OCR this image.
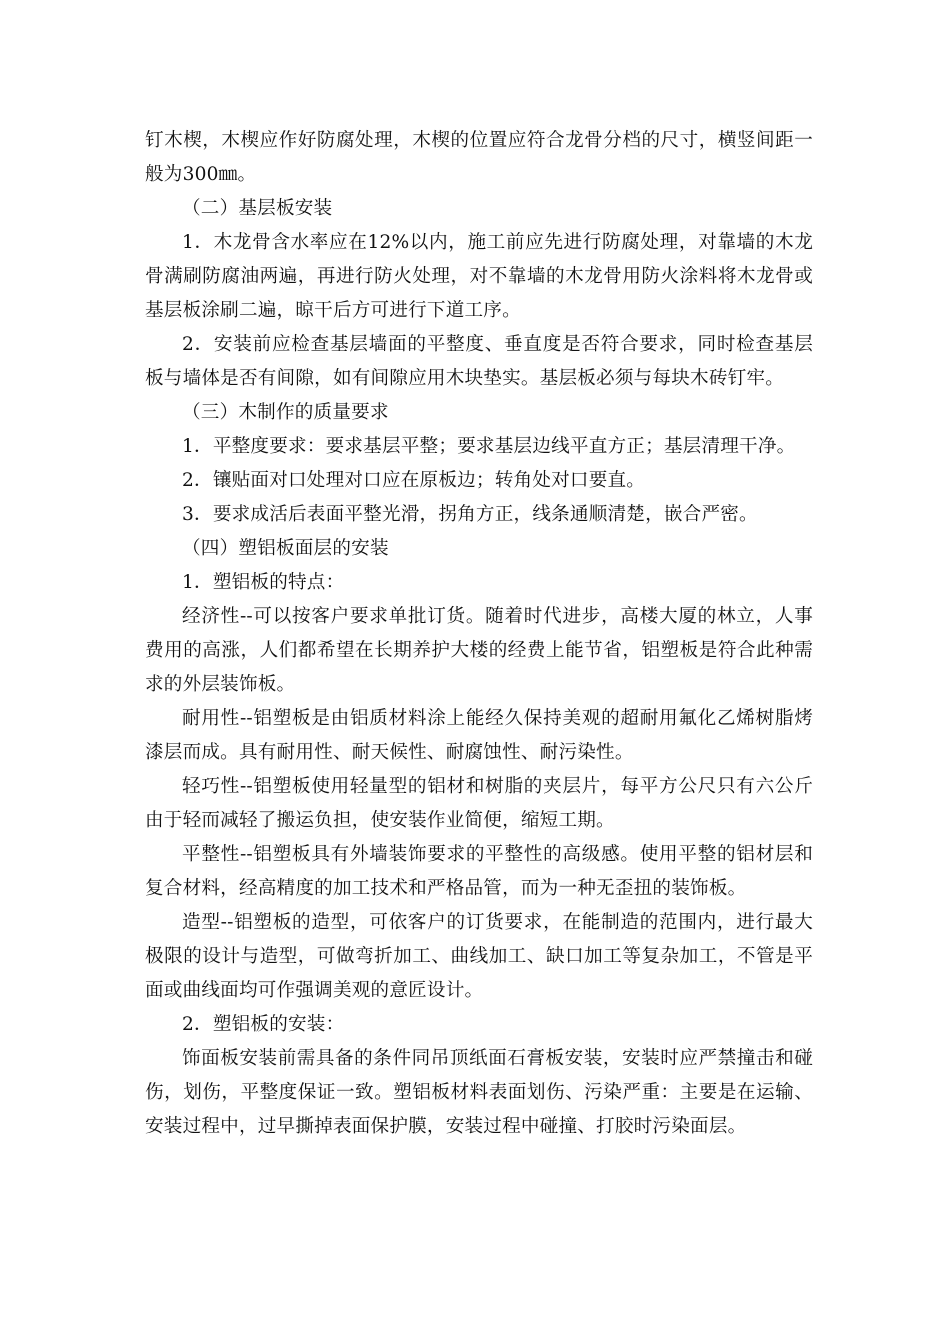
钉木楔，木楔应作好防腐处理，木楔的位置应符合龙骨分档的尺寸，横竖间距一般为300㎜。

（二）基层板安装

1．木龙骨含水率应在12%以内，施工前应先进行防腐处理，对靠墙的木龙骨满刷防腐油两遍，再进行防火处理，对不靠墙的木龙骨用防火涂料将木龙骨或基层板涂刷二遍，晾干后方可进行下道工序。

2．安装前应检查基层墙面的平整度、垂直度是否符合要求，同时检查基层板与墙体是否有间隙，如有间隙应用木块垫实。基层板必须与每块木砖钉牢。

（三）木制作的质量要求

1．平整度要求：要求基层平整；要求基层边线平直方正；基层清理干净。

2．镶贴面对口处理对口应在原板边；转角处对口要直。

3．要求成活后表面平整光滑，拐角方正，线条通顺清楚，嵌合严密。

（四）塑铝板面层的安装

1．塑铝板的特点：

经济性--可以按客户要求单批订货。随着时代进步，高楼大厦的林立，人事费用的高涨，人们都希望在长期养护大楼的经费上能节省，铝塑板是符合此种需求的外层装饰板。

耐用性--铝塑板是由铝质材料涂上能经久保持美观的超耐用氟化乙烯树脂烤漆层而成。具有耐用性、耐天候性、耐腐蚀性、耐污染性。

轻巧性--铝塑板使用轻量型的铝材和树脂的夹层片，每平方公尺只有六公斤由于轻而减轻了搬运负担，使安装作业简便，缩短工期。

平整性--铝塑板具有外墙装饰要求的平整性的高级感。使用平整的铝材层和复合材料，经高精度的加工技术和严格品管，而为一种无歪扭的装饰板。

造型--铝塑板的造型，可依客户的订货要求，在能制造的范围内，进行最大极限的设计与造型，可做弯折加工、曲线加工、缺口加工等复杂加工，不管是平面或曲线面均可作强调美观的意匠设计。

2．塑铝板的安装：

饰面板安装前需具备的条件同吊顶纸面石膏板安装，安装时应严禁撞击和碰伤，划伤，平整度保证一致。塑铝板材料表面划伤、污染严重：主要是在运输、安装过程中，过早撕掉表面保护膜，安装过程中碰撞、打胶时污染面层。
